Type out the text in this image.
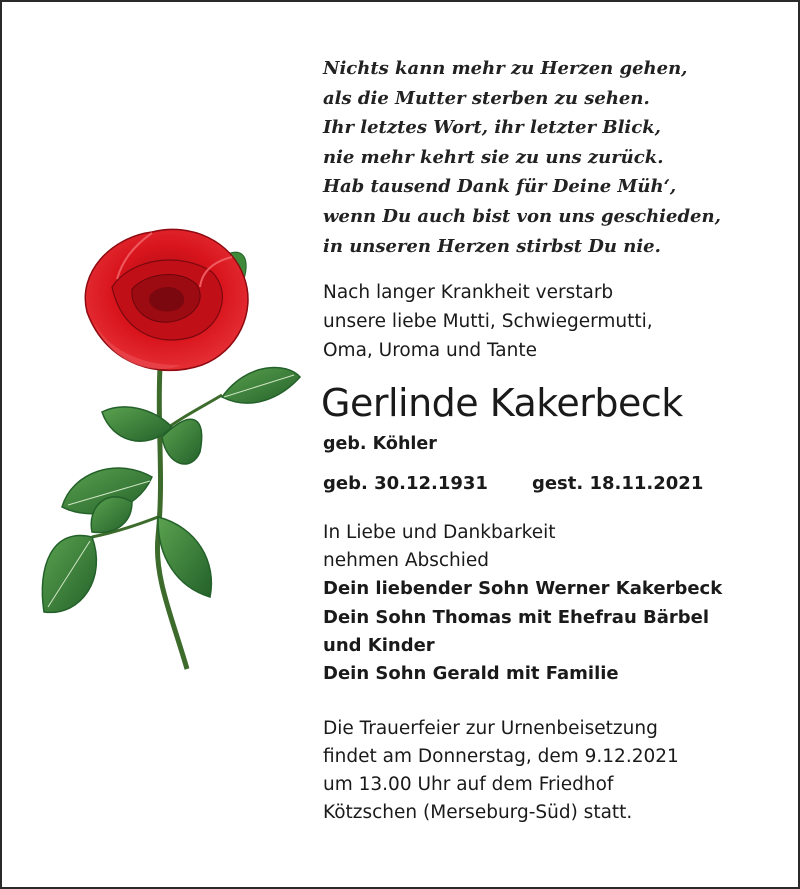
Nichts kann mehr zu Herzen gehen,
als die Mutter sterben zu sehen.
Ihr letztes Wort, ihr letzter Blick,
nie mehr kehrt sie zu uns zurück.
Hab tausend Dank für Deine Müh‘,
wenn Du auch bist von uns geschieden,
in unseren Herzen stirbst Du nie.

Nach langer Krankheit verstarb
unsere liebe Mutti, Schwiegermutti,
Oma, Uroma und Tante

Gerlinde Kakerbeck
geb. Köhler
geb. 30.12.1931 gest. 18.11.2021

In Liebe und Dankbarkeit
nehmen Abschied

Dein liebender Sohn Werner Kakerbeck
Dein Sohn Thomas mit Ehefrau Bärbel
und Kinder
Dein Sohn Gerald mit Familie

Die Trauerfeier zur Urnenbeisetzung
findet am Donnerstag, dem 9.12.2021
um 13.00 Uhr auf dem Friedhof
Kötzschen (Merseburg-Süd) statt.
